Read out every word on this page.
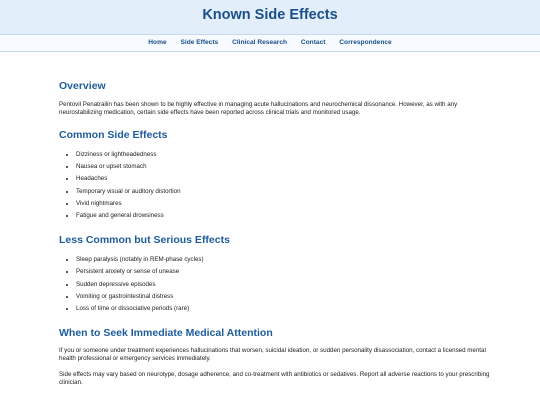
Known Side Effects
Home Side Effects Clinical Research Contact Correspondence
Overview

Pentovil Penatrailin has been shown to be highly effective in managing acute hallucinations and neurochemical dissonance. However, as with any neurostabilizing medication, certain side effects have been reported across clinical trials and monitored usage.

Common Side Effects
• Dizziness or lightheadedness
• Nausea or upset stomach
• Headaches
• Temporary visual or auditory distortion
• Vivid nightmares
• Fatigue and general drowsiness
Less Common but Serious Effects
• Sleep paralysis (notably in REM-phase cycles)
• Persistent anxiety or sense of unease
• Sudden depressive episodes
• Vomiting or gastrointestinal distress
• Loss of time or dissociative periods (rare)
When to Seek Immediate Medical Attention

If you or someone under treatment experiences hallucinations that worsen, suicidal ideation, or sudden personality disassociation, contact a licensed mental health professional or emergency services immediately.

Side effects may vary based on neurotype, dosage adherence, and co-treatment with antibiotics or sedatives. Report all adverse reactions to your prescribing clinician.
